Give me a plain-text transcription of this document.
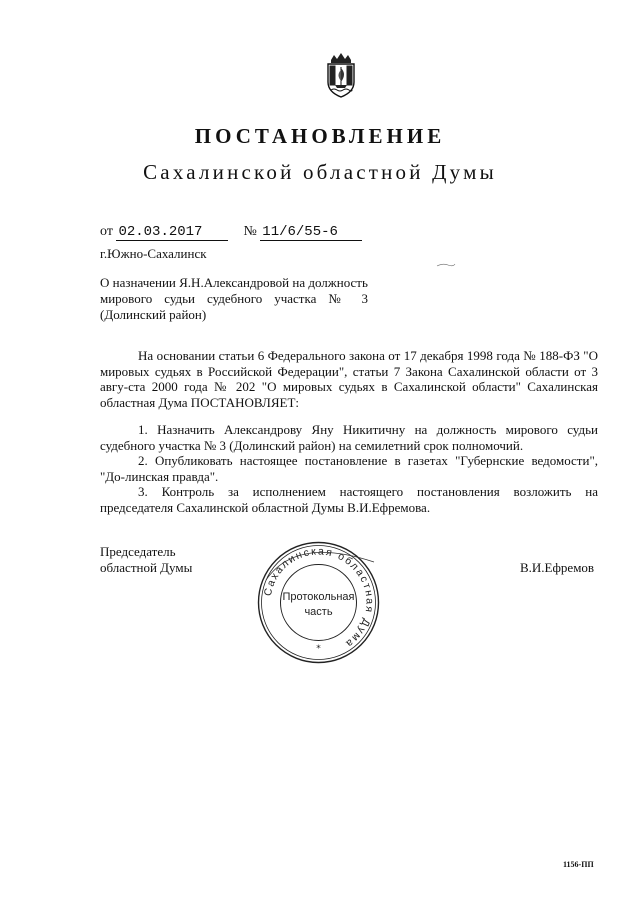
ПОСТАНОВЛЕНИЕ
Сахалинской областной Думы
от 02.03.2017	№ 11/6/55-6
г.Южно-Сахалинск
О назначении Я.Н.Александровой на должность
мирового судьи судебного участка № 3
(Долинский район)

На основании статьи 6 Федерального закона от 17 декабря 1998 года № 188-ФЗ "О мировых судьях в Российской Федерации", статьи 7 Закона Сахалинской области от 3 авгу-ста 2000 года № 202 "О мировых судьях в Сахалинской области" Сахалинская областная Дума ПОСТАНОВЛЯЕТ:

1. Назначить Александрову Яну Никитичну на должность мирового судьи судебного участка № 3 (Долинский район) на семилетний срок полномочий.

2. Опубликовать настоящее постановление в газетах "Губернские ведомости", "До-линская правда".

3. Контроль за исполнением настоящего постановления возложить на председателя Сахалинской областной Думы В.И.Ефремова.

Председатель
областной Думы
Сахалинская областная Дума
*
Протокольная
часть
В.И.Ефремов
1156-ПП
